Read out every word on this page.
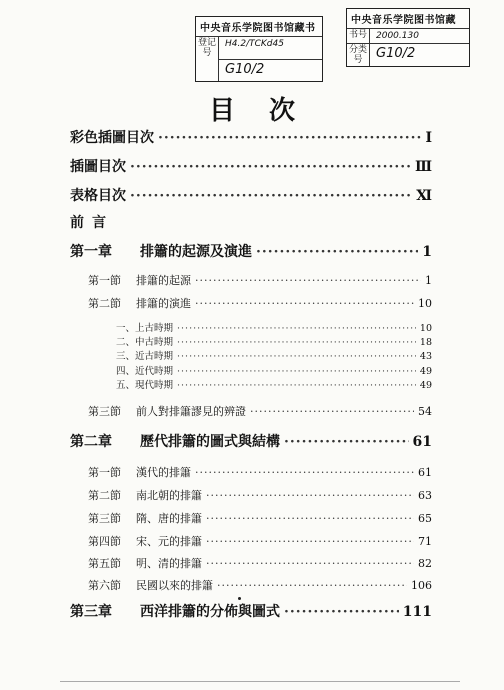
中央音乐学院图书馆藏书
登记号
H4.2/TCKd45
G10/2
中央音乐学院图书馆藏
书号	2000.130
分类号	G10/2
目次
彩色插圖目次 ·····	I
插圖目次 ·····	Ⅲ
表格目次 ·····	Ⅺ
前言
第一章 排簫的起源及演進 ·····	1
第一節 排簫的起源 ·····	1
第二節 排簫的演進 ·····	10
一、上古時期 ·····	10
二、中古時期 ·····	18
三、近古時期 ·····	43
四、近代時期 ·····	49
五、現代時期 ·····	49
第三節 前人對排簫謬見的辨證 ·····	54
第二章 歷代排簫的圖式與結構 ·····	61
第一節 漢代的排簫 ·····	61
第二節 南北朝的排簫 ·····	63
第三節 隋、唐的排簫 ·····	65
第四節 宋、元的排簫 ·····	71
第五節 明、清的排簫 ·····	82
第六節 民國以來的排簫 ·····	106
第三章 西洋排簫的分佈與圖式 ·····	111
